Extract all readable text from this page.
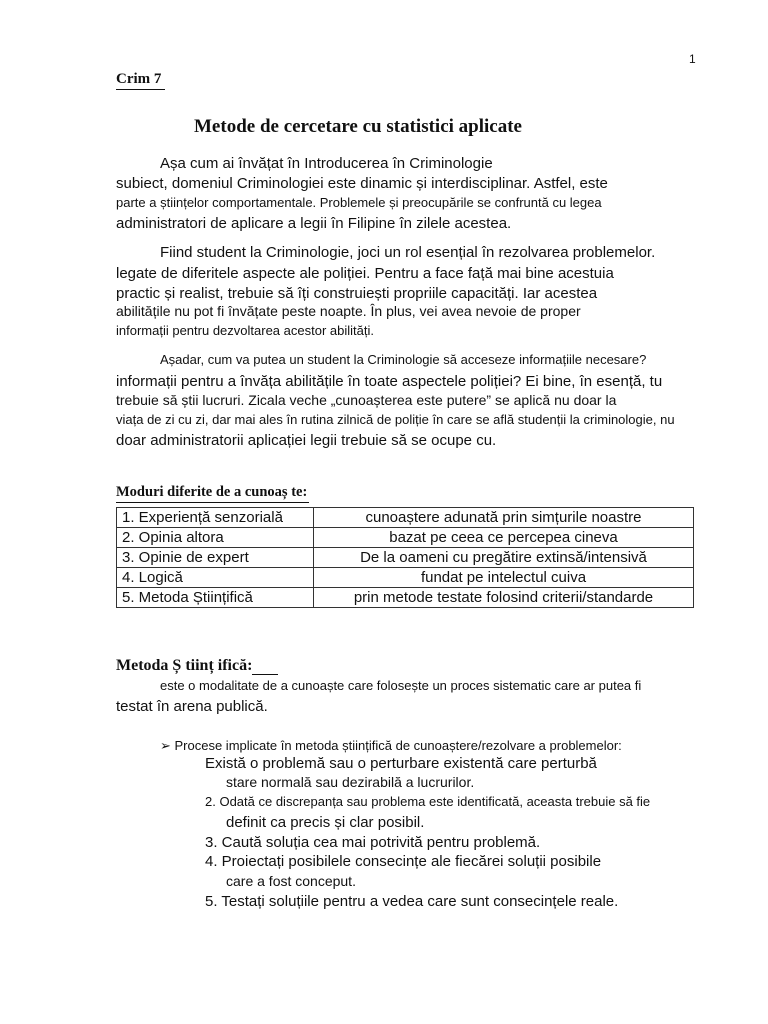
1
Crim 7
Metode de cercetare cu statistici aplicate
Așa cum ai învățat în Introducerea în Criminologie
subiect, domeniul Criminologiei este dinamic și interdisciplinar. Astfel, este
parte a științelor comportamentale. Problemele și preocupările se confruntă cu legea
administratori de aplicare a legii în Filipine în zilele acestea.
Fiind student la Criminologie, joci un rol esențial în rezolvarea problemelor.
legate de diferitele aspecte ale poliției. Pentru a face față mai bine acestuia
practic și realist, trebuie să îți construiești propriile capacități. Iar acestea
abilitățile nu pot fi învățate peste noapte. În plus, vei avea nevoie de proper
informații pentru dezvoltarea acestor abilități.
Așadar, cum va putea un student la Criminologie să acceseze informațiile necesare?
informații pentru a învăța abilitățile în toate aspectele poliției? Ei bine, în esență, tu
trebuie să știi lucruri. Zicala veche „cunoașterea este putere” se aplică nu doar la
viața de zi cu zi, dar mai ales în rutina zilnică de poliție în care se află studenții la criminologie, nu
doar administratorii aplicației legii trebuie să se ocupe cu.
Moduri diferite de a cunoaș te:
1. Experiență senzorială	cunoaștere adunată prin simțurile noastre
2. Opinia altora	bazat pe ceea ce percepea cineva
3. Opinie de expert	De la oameni cu pregătire extinsă/intensivă
4. Logică	fundat pe intelectul cuiva
5. Metoda Științifică	prin metode testate folosind criterii/standarde
Metoda Ș tiinț ifică:
este o modalitate de a cunoaște care folosește un proces sistematic care ar putea fi
testat în arena publică.
➢ Procese implicate în metoda științifică de cunoaștere/rezolvare a problemelor:
Există o problemă sau o perturbare existentă care perturbă
stare normală sau dezirabilă a lucrurilor.
2. Odată ce discrepanța sau problema este identificată, aceasta trebuie să fie
definit ca precis și clar posibil.
3. Caută soluția cea mai potrivită pentru problemă.
4. Proiectați posibilele consecințe ale fiecărei soluții posibile
care a fost conceput.
5. Testați soluțiile pentru a vedea care sunt consecințele reale.
